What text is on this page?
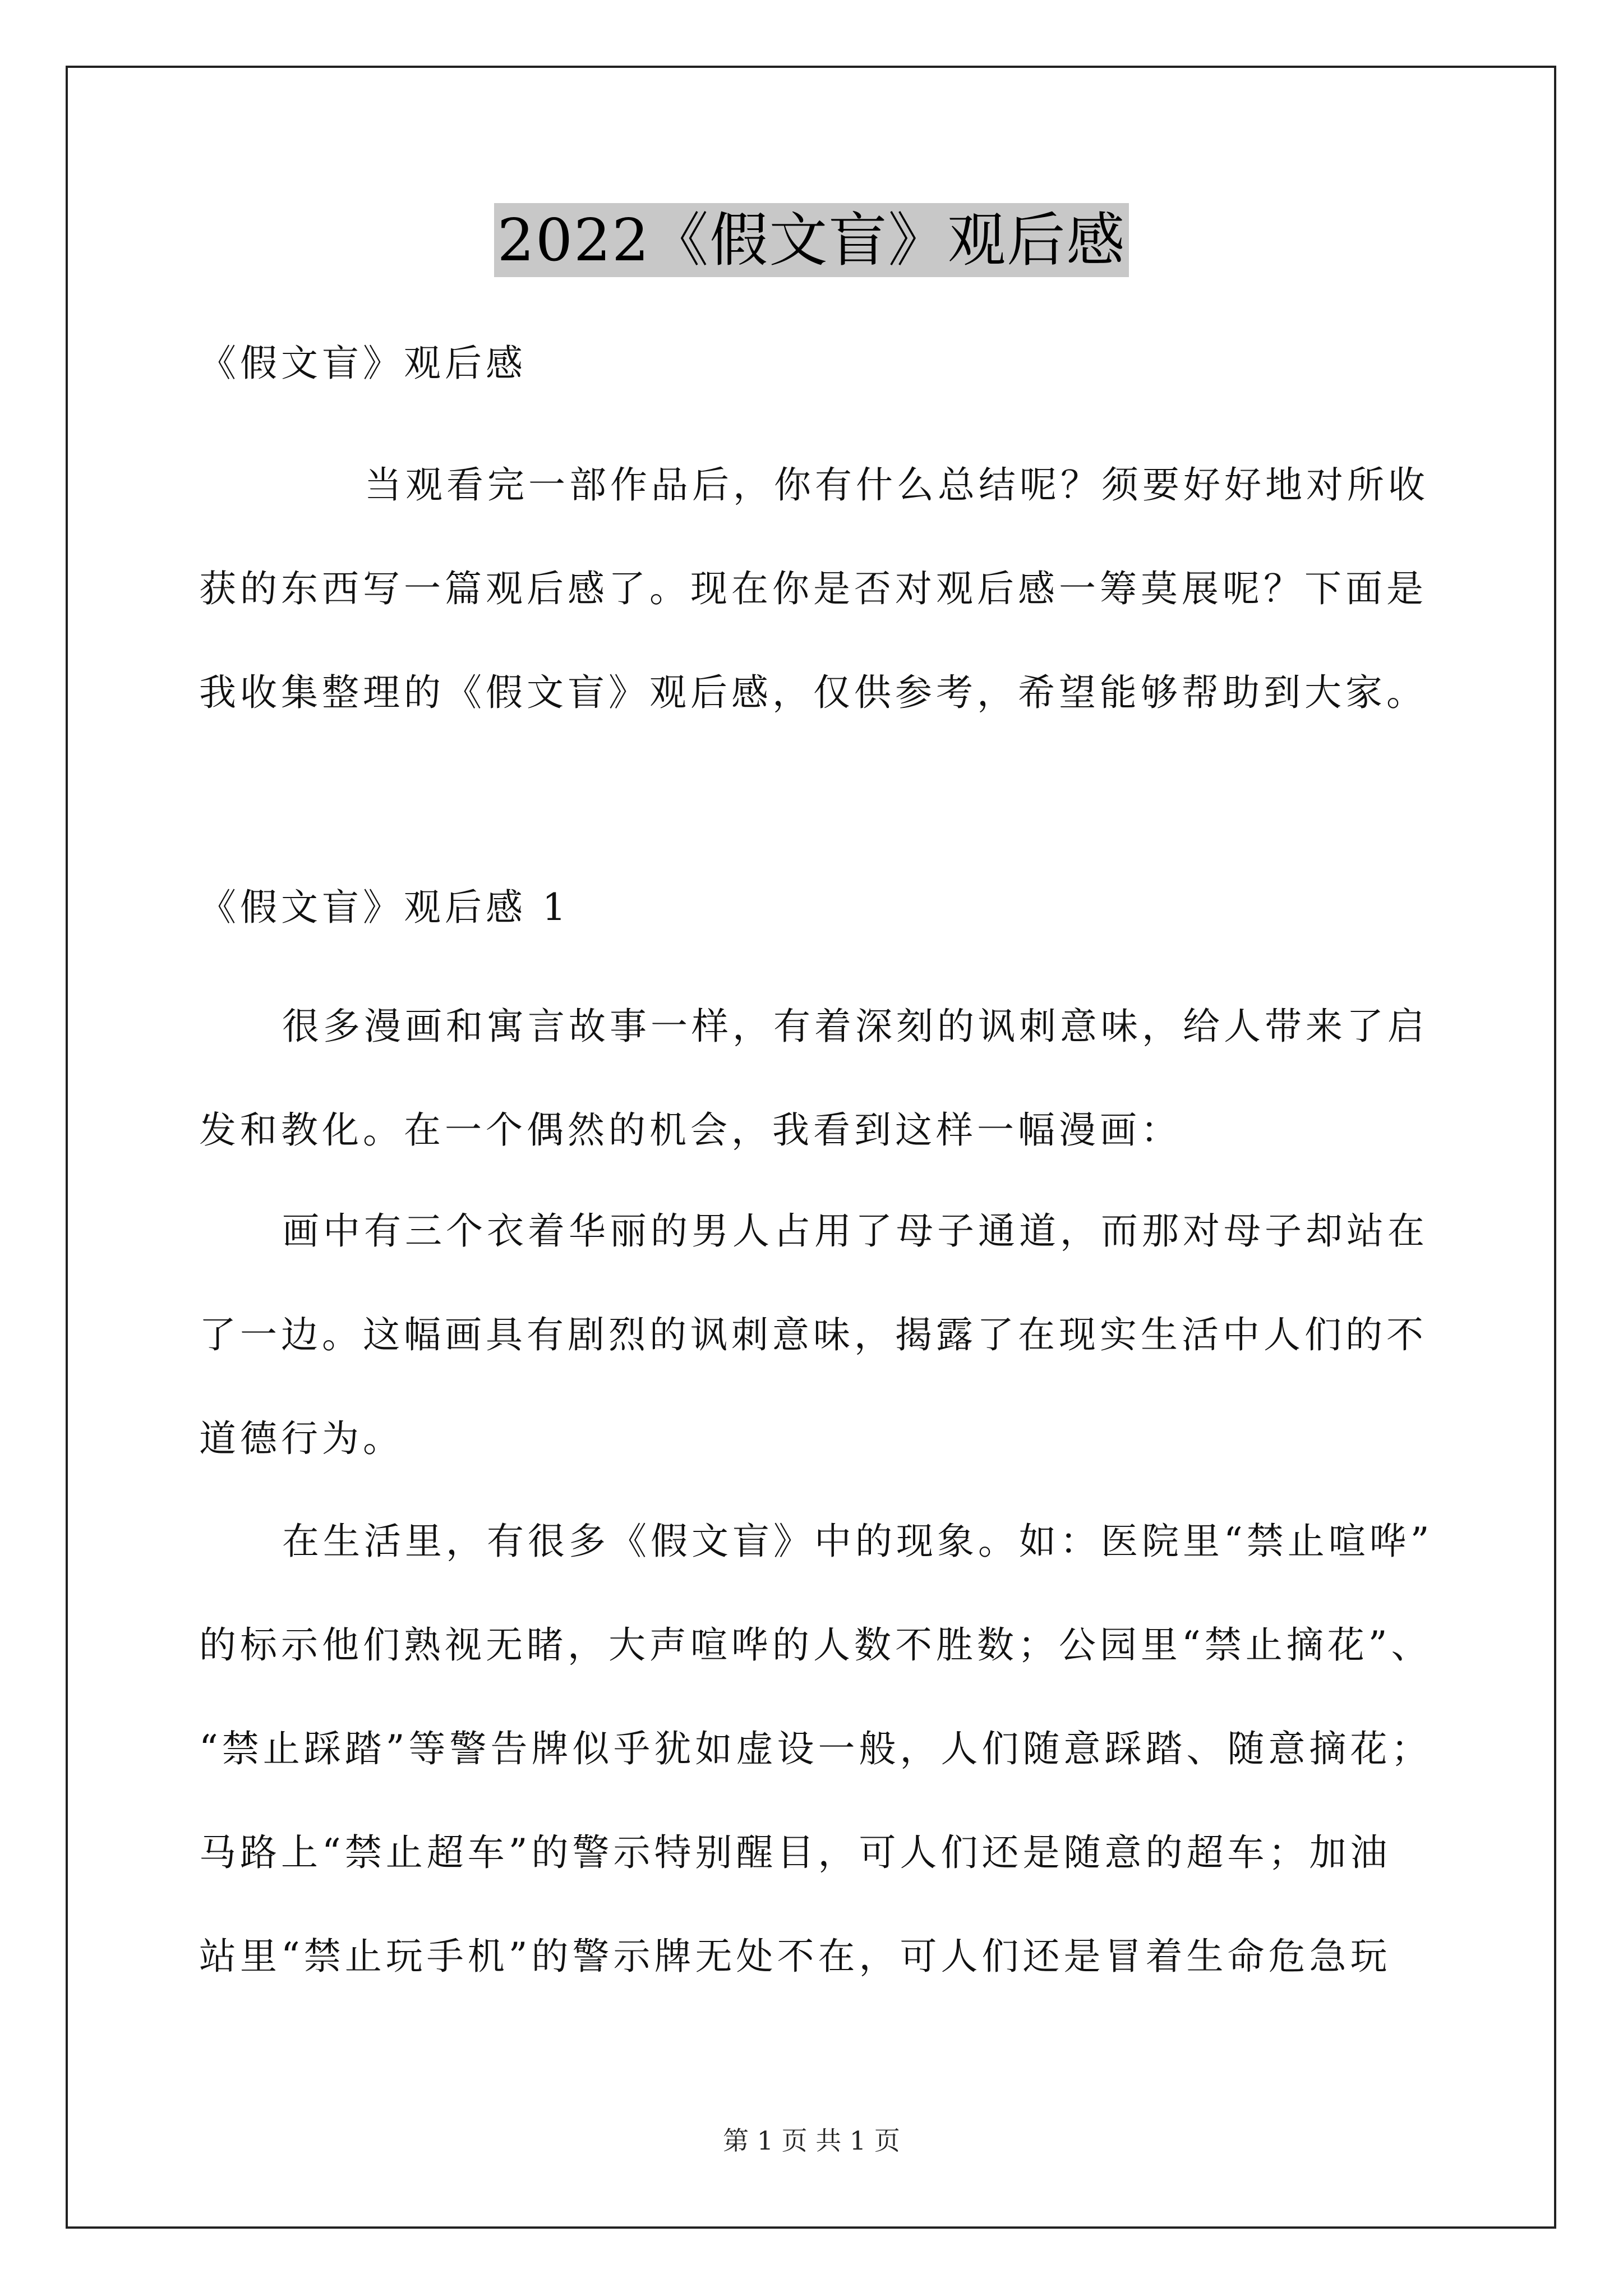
2022《假文盲》观后感
《假文盲》观后感
当观看完一部作品后，你有什么总结呢？须要好好地对所收
获的东西写一篇观后感了。现在你是否对观后感一筹莫展呢？下面是
我收集整理的《假文盲》观后感，仅供参考，希望能够帮助到大家。
《假文盲》观后感 1
很多漫画和寓言故事一样，有着深刻的讽刺意味，给人带来了启
发和教化。在一个偶然的机会，我看到这样一幅漫画：
画中有三个衣着华丽的男人占用了母子通道，而那对母子却站在
了一边。这幅画具有剧烈的讽刺意味，揭露了在现实生活中人们的不
道德行为。
在生活里，有很多《假文盲》中的现象。如：医院里“禁止喧哗”
的标示他们熟视无睹，大声喧哗的人数不胜数；公园里“禁止摘花”、
“禁止踩踏”等警告牌似乎犹如虚设一般，人们随意踩踏、随意摘花；
马路上“禁止超车”的警示特别醒目，可人们还是随意的超车；加油
站里“禁止玩手机”的警示牌无处不在，可人们还是冒着生命危急玩
第 1 页 共 1 页
